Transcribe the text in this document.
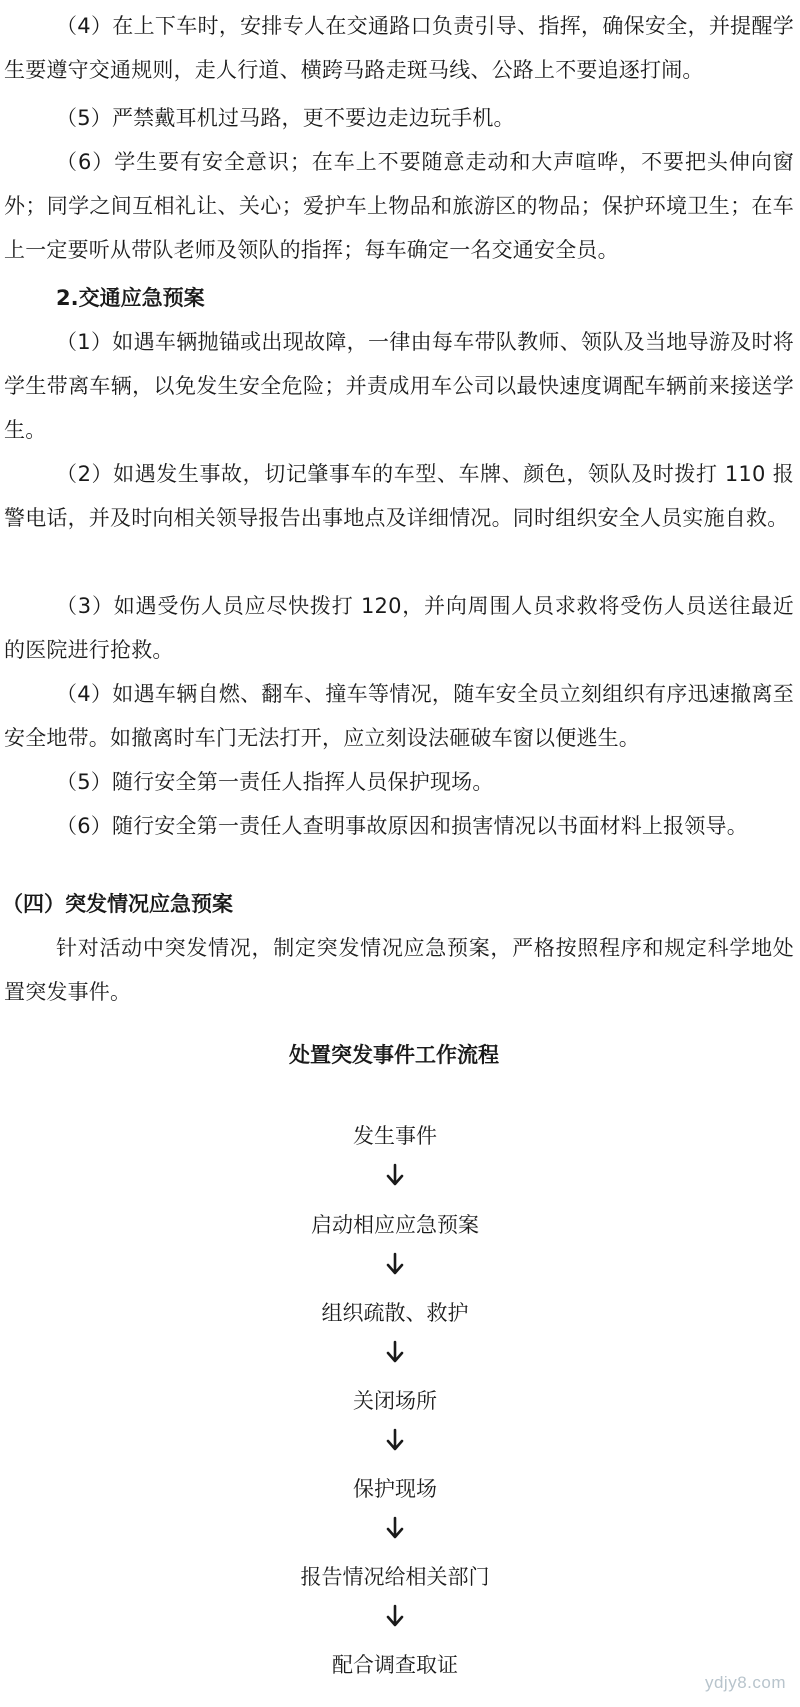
（4）在上下车时，安排专人在交通路口负责引导、指挥，确保安全，并提醒学生要遵守交通规则，走人行道、横跨马路走斑马线、公路上不要追逐打闹。

（5）严禁戴耳机过马路，更不要边走边玩手机。

（6）学生要有安全意识；在车上不要随意走动和大声喧哗，不要把头伸向窗外；同学之间互相礼让、关心；爱护车上物品和旅游区的物品；保护环境卫生；在车上一定要听从带队老师及领队的指挥；每车确定一名交通安全员。

2.交通应急预案

（1）如遇车辆抛锚或出现故障，一律由每车带队教师、领队及当地导游及时将学生带离车辆，以免发生安全危险；并责成用车公司以最快速度调配车辆前来接送学生。

（2）如遇发生事故，切记肇事车的车型、车牌、颜色，领队及时拨打 110 报警电话，并及时向相关领导报告出事地点及详细情况。同时组织安全人员实施自救。

（3）如遇受伤人员应尽快拨打 120，并向周围人员求救将受伤人员送往最近的医院进行抢救。

（4）如遇车辆自燃、翻车、撞车等情况，随车安全员立刻组织有序迅速撤离至安全地带。如撤离时车门无法打开，应立刻设法砸破车窗以便逃生。

（5）随行安全第一责任人指挥人员保护现场。

（6）随行安全第一责任人查明事故原因和损害情况以书面材料上报领导。

（四）突发情况应急预案

针对活动中突发情况，制定突发情况应急预案，严格按照程序和规定科学地处置突发事件。

处置突发事件工作流程
发生事件
启动相应应急预案
组织疏散、救护
关闭场所
保护现场
报告情况给相关部门
配合调查取证
ydjy8.com
